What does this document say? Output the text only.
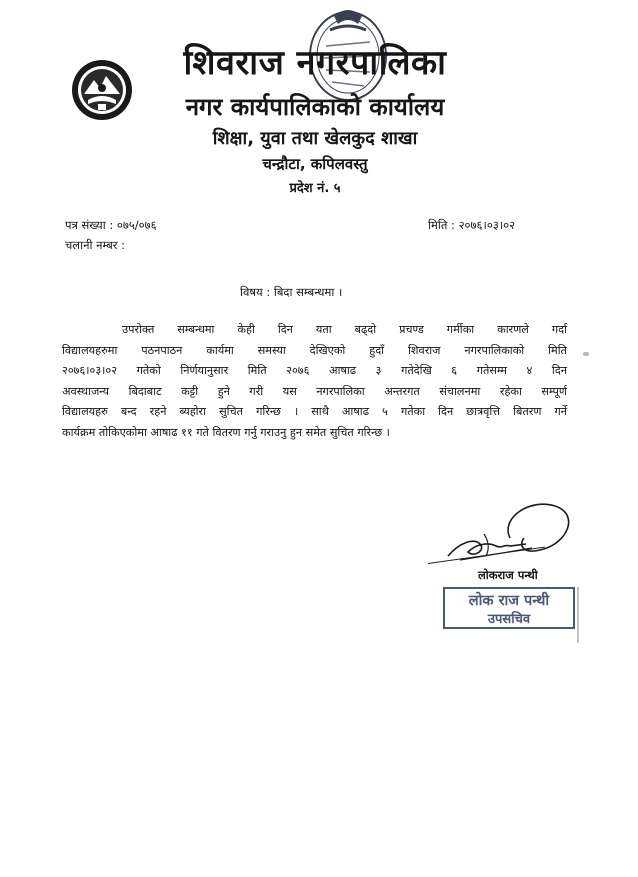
शिवराज नगरपालिका
नगर कार्यपालिकाको कार्यालय
शिक्षा, युवा तथा खेलकुद शाखा
चन्द्रौटा, कपिलवस्तु
प्रदेश नं. ५
पत्र संख्या : ०७५/०७६
चलानी नम्बर :
मिति : २०७६।०३।०२
विषय : बिदा सम्बन्धमा ।
उपरोक्त सम्बन्धमा केही दिन यता बढ्दो प्रचण्ड गर्मीका कारणले गर्दा
विद्यालयहरुमा पठनपाठन कार्यमा समस्या देखिएको हुदाँ शिवराज नगरपालिकाको मिति
२०७६।०३।०२ गतेको निर्णयानुसार मिति २०७६ आषाढ ३ गतेदेखि ६ गतेसम्म ४ दिन
अवस्थाजन्य बिदाबाट कट्टी हुने गरी यस नगरपालिका अन्तरगत संचालनमा रहेका सम्पूर्ण
विद्यालयहरु बन्द रहने ब्यहोरा सुचित गरिन्छ । साथै आषाढ ५ गतेका दिन छात्रवृत्ति बितरण गर्ने
कार्यक्रम तोकिएकोमा आषाढ ११ गते वितरण गर्नु गराउनु हुन समेत सुचित गरिन्छ ।
लोकराज पन्थी
लोक राज पन्थी
उपसचिव
